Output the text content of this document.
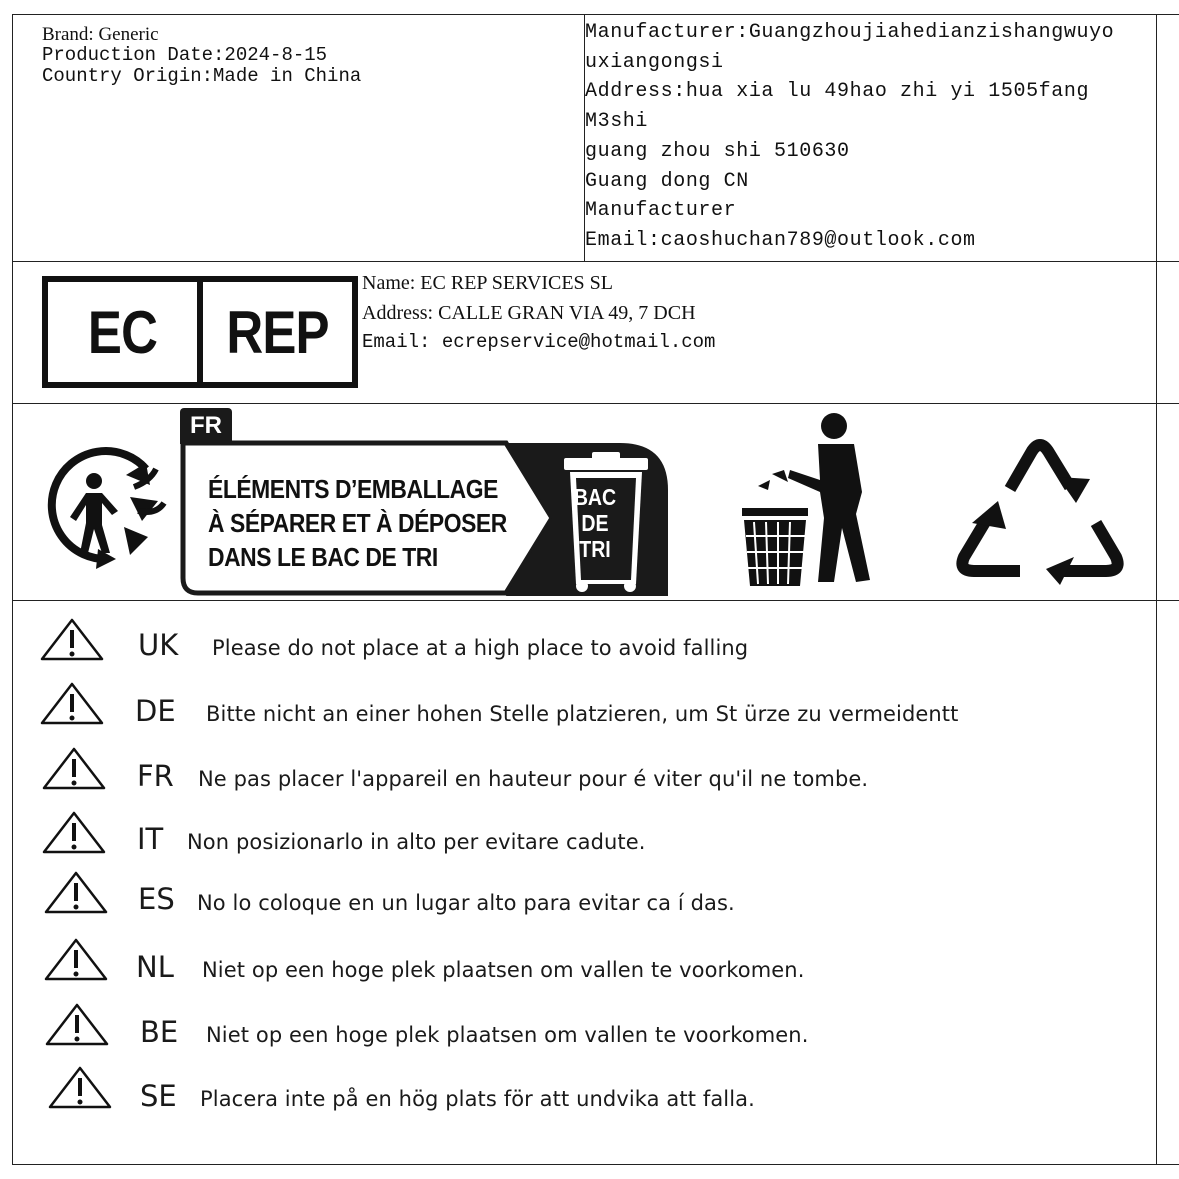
Brand: Generic
Production Date:2024-8-15
Country Origin:Made in China
Manufacturer:Guangzhoujiahedianzishangwuyo
uxiangongsi
Address:hua xia lu 49hao zhi yi 1505fang
M3shi
guang zhou shi 510630
Guang dong CN
Manufacturer
Email:caoshuchan789@outlook.com
EC	REP
Name: EC REP SERVICES SL
Address: CALLE GRAN VIA 49, 7 DCH
Email: ecrepservice@hotmail.com
FR
ÉLÉMENTS D’EMBALLAGE
À SÉPARER ET À DÉPOSER
DANS LE BAC DE TRI
BAC
DE
TRI
UK Please do not place at a high place to avoid falling
DE Bitte nicht an einer hohen Stelle platzieren, um St ürze zu vermeidentt
FR Ne pas placer l'appareil en hauteur pour é viter qu'il ne tombe.
IT Non posizionarlo in alto per evitare cadute.
ES No lo coloque en un lugar alto para evitar ca í das.
NL Niet op een hoge plek plaatsen om vallen te voorkomen.
BE Niet op een hoge plek plaatsen om vallen te voorkomen.
SE Placera inte på en hög plats för att undvika att falla.
